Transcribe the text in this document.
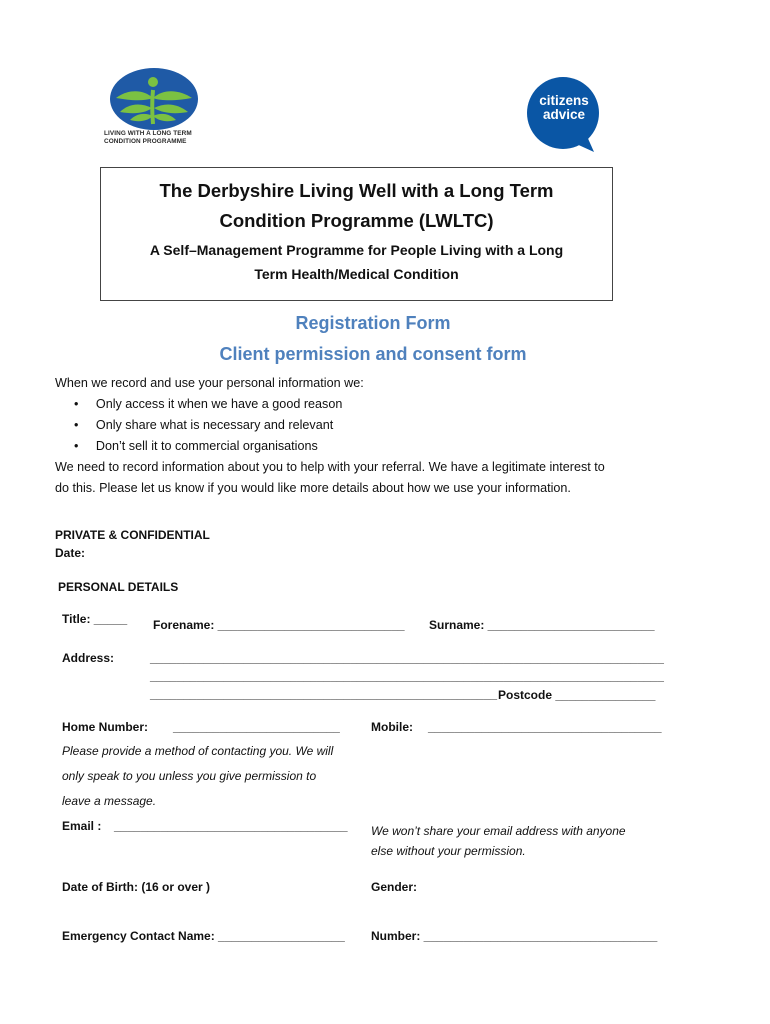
LIVING WITH A LONG TERM CONDITION PROGRAMME
citizens
advice
The Derbyshire Living Well with a Long Term
Condition Programme (LWLTC)
A Self–Management Programme for People Living with a Long
Term Health/Medical Condition
Registration Form
Client permission and consent form
When we record and use your personal information we:
•     Only access it when we have a good reason
•     Only share what is necessary and relevant
•     Don’t sell it to commercial organisations
We need to record information about you to help with your referral. We have a legitimate interest to
do this. Please let us know if you would like more details about how we use your information.
PRIVATE & CONFIDENTIAL
Date:
PERSONAL DETAILS
Title: _____ Forename: ____________________________ Surname: _________________________
Address:	_____________________________________________________________________________
_____________________________________________________________________________
____________________________________________________ Postcode _______________
Home Number: _________________________	Mobile: ___________________________________
Please provide a method of contacting you. We will
only speak to you unless you give permission to
leave a message.
Email : ___________________________________ We won’t share your email address with anyone
else without your permission.
Date of Birth: (16 or over )	Gender:
Emergency Contact Name: ___________________ Number: ___________________________________
